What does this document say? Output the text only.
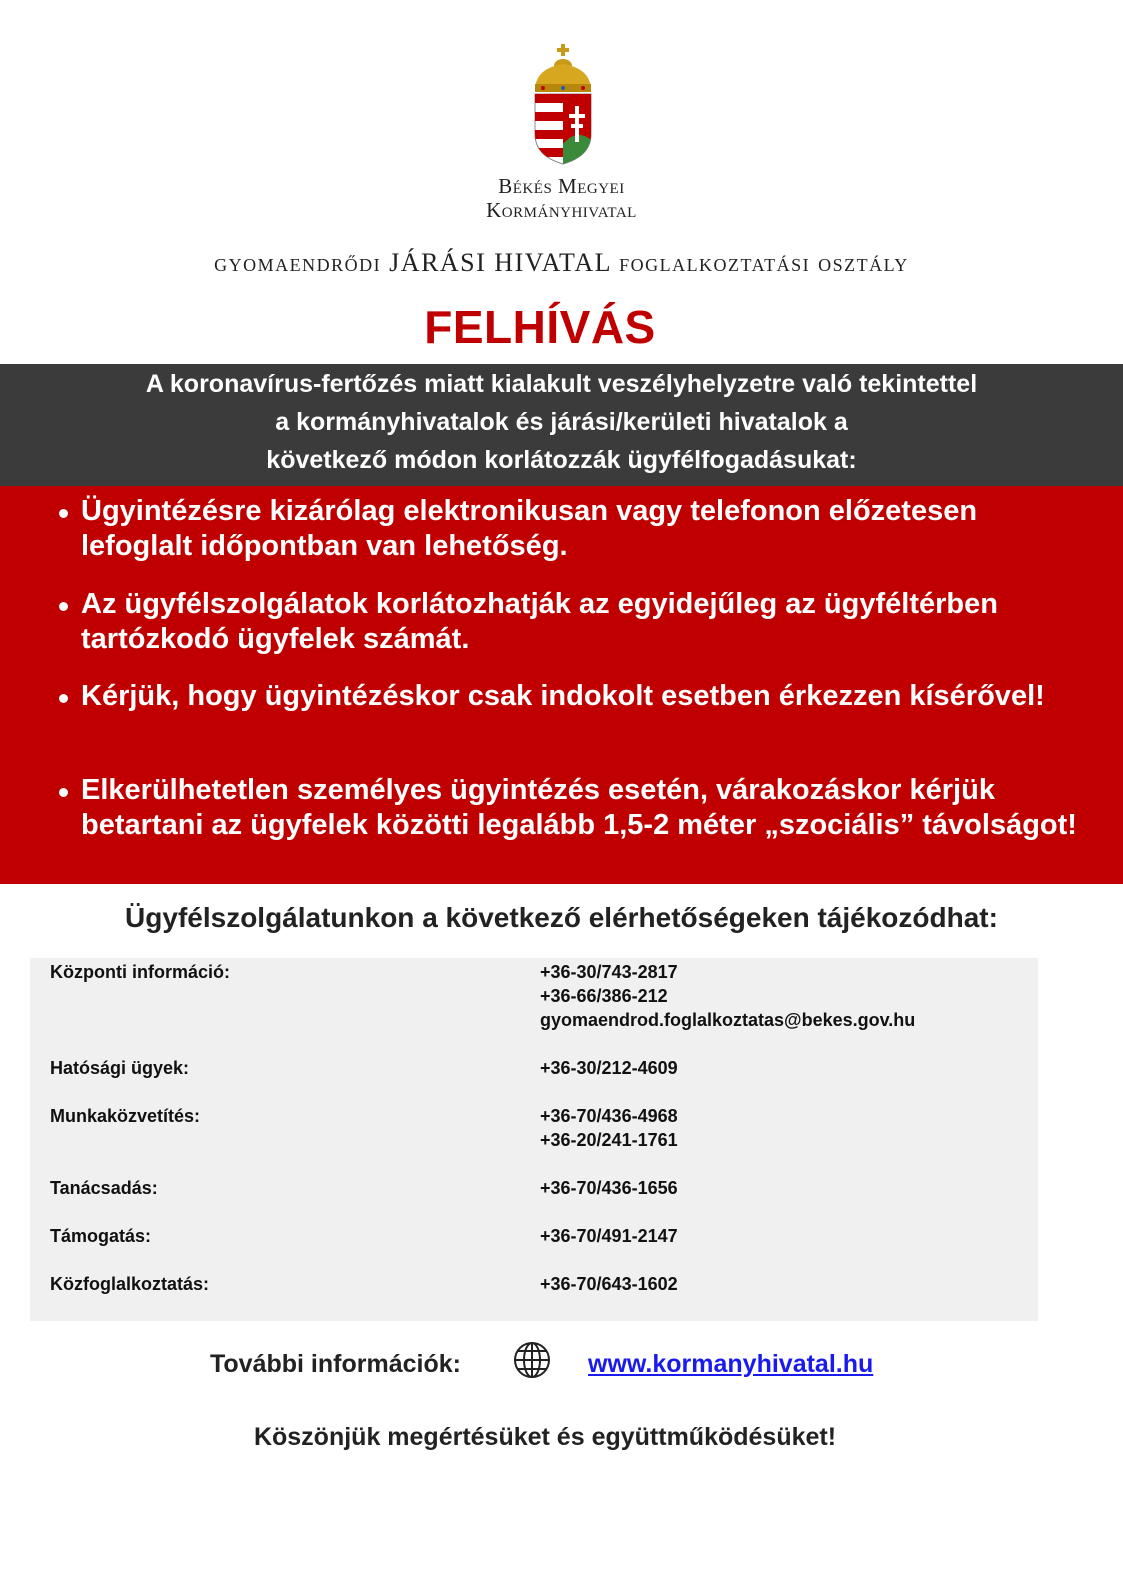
Békés Megyei
Kormányhivatal
gyomaendrődi JÁRÁSI HIVATAL foglalkoztatási osztály
FELHÍVÁS
A koronavírus-fertőzés miatt kialakult veszélyhelyzetre való tekintettel
a kormányhivatalok és járási/kerületi hivatalok a
következő módon korlátozzák ügyfélfogadásukat:
Ügyintézésre kizárólag elektronikusan vagy telefonon előzetesen lefoglalt időpontban van lehetőség.
Az ügyfélszolgálatok korlátozhatják az egyidejűleg az ügyféltérben tartózkodó ügyfelek számát.
Kérjük, hogy ügyintézéskor csak indokolt esetben érkezzen kísérővel!
Elkerülhetetlen személyes ügyintézés esetén, várakozáskor kérjük betartani az ügyfelek közötti legalább 1,5-2 méter „szociális” távolságot!
Ügyfélszolgálatunkon a következő elérhetőségeken tájékozódhat:
Központi információ:	+36-30/743-2817
+36-66/386-212
gyomaendrod.foglalkoztatas@bekes.gov.hu
Hatósági ügyek:	+36-30/212-4609
Munkaközvetítés:	+36-70/436-4968
+36-20/241-1761
Tanácsadás:	+36-70/436-1656
Támogatás:	+36-70/491-2147
Közfoglalkoztatás:	+36-70/643-1602
További információk:	www.kormanyhivatal.hu
Köszönjük megértésüket és együttműködésüket!
